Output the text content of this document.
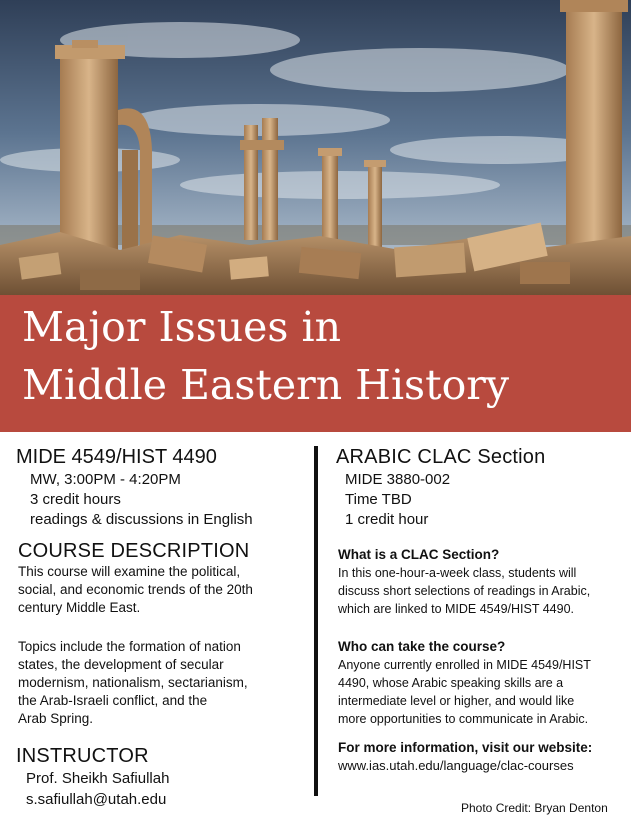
Major Issues in
Middle Eastern History
MIDE 4549/HIST 4490
MW, 3:00PM - 4:20PM
3 credit hours
readings & discussions in English
COURSE DESCRIPTION
This course will examine the political,
social, and economic trends of the 20th
century Middle East.
Topics include the formation of nation
states, the development of secular
modernism, nationalism, sectarianism,
the Arab-Israeli conflict, and the
Arab Spring.
INSTRUCTOR
Prof. Sheikh Safiullah
s.safiullah@utah.edu
ARABIC CLAC Section
MIDE 3880-002
Time TBD
1 credit hour
What is a CLAC Section?
In this one-hour-a-week class, students will
discuss short selections of readings in Arabic,
which are linked to MIDE 4549/HIST 4490.
Who can take the course?
Anyone currently enrolled in MIDE 4549/HIST
4490, whose Arabic speaking skills are a
intermediate level or higher, and would like
more opportunities to communicate in Arabic.
For more information, visit our website:
www.ias.utah.edu/language/clac-courses
Photo Credit: Bryan Denton
